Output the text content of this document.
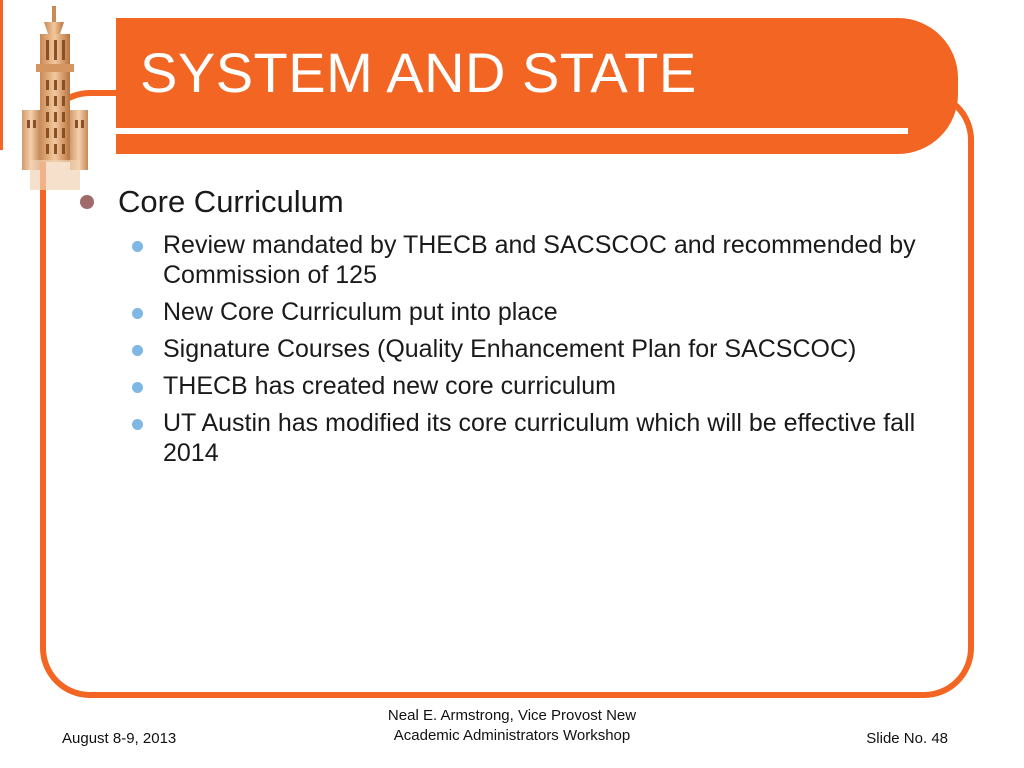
SYSTEM AND STATE
Core Curriculum
Review mandated by THECB and SACSCOC and recommended by Commission of 125
New Core Curriculum put into place
Signature Courses (Quality Enhancement Plan for SACSCOC)
THECB has created new core curriculum
UT Austin has modified its core curriculum which will be effective fall 2014
August 8-9, 2013
Neal E. Armstrong, Vice Provost New
Academic Administrators Workshop	Slide No. 48
